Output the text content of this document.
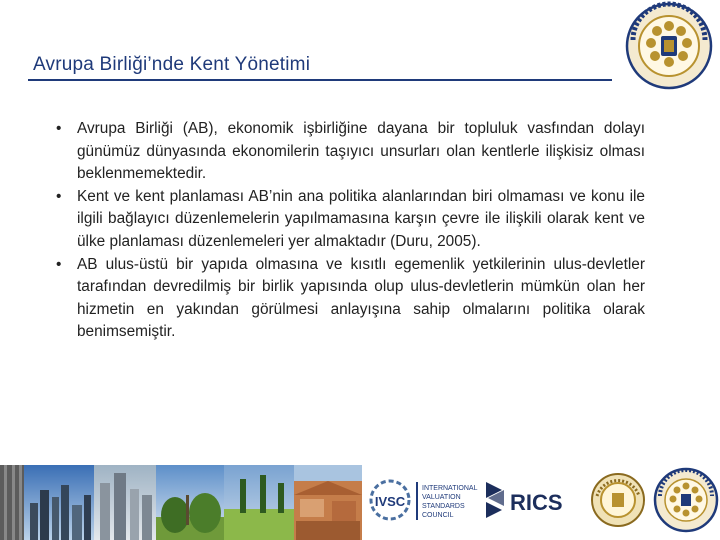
Avrupa Birliği’nde Kent Yönetimi
•	Avrupa Birliği (AB), ekonomik işbirliğine dayana bir topluluk vasfından dolayı günümüz dünyasında ekonomilerin taşıyıcı unsurları olan kentlerle ilişkisiz olması beklenmemektedir.
•	Kent ve kent planlaması AB’nin ana politika alanlarından biri olmaması ve konu ile ilgili bağlayıcı düzenlemelerin yapılmamasına karşın çevre ile ilişkili olarak kent ve ülke planlaması düzenlemeleri yer almaktadır (Duru, 2005).
•	AB ulus-üstü bir yapıda olmasına ve kısıtlı egemenlik yetkilerinin ulus-devletler tarafından devredilmiş bir birlik yapısında olup ulus-devletlerin mümkün olan her hizmetin en yakından görülmesi anlayışına sahip olmalarını politika olarak benimsemiştir.
IVSC
INTERNATIONAL
VALUATION
STANDARDS
COUNCIL
RICS
